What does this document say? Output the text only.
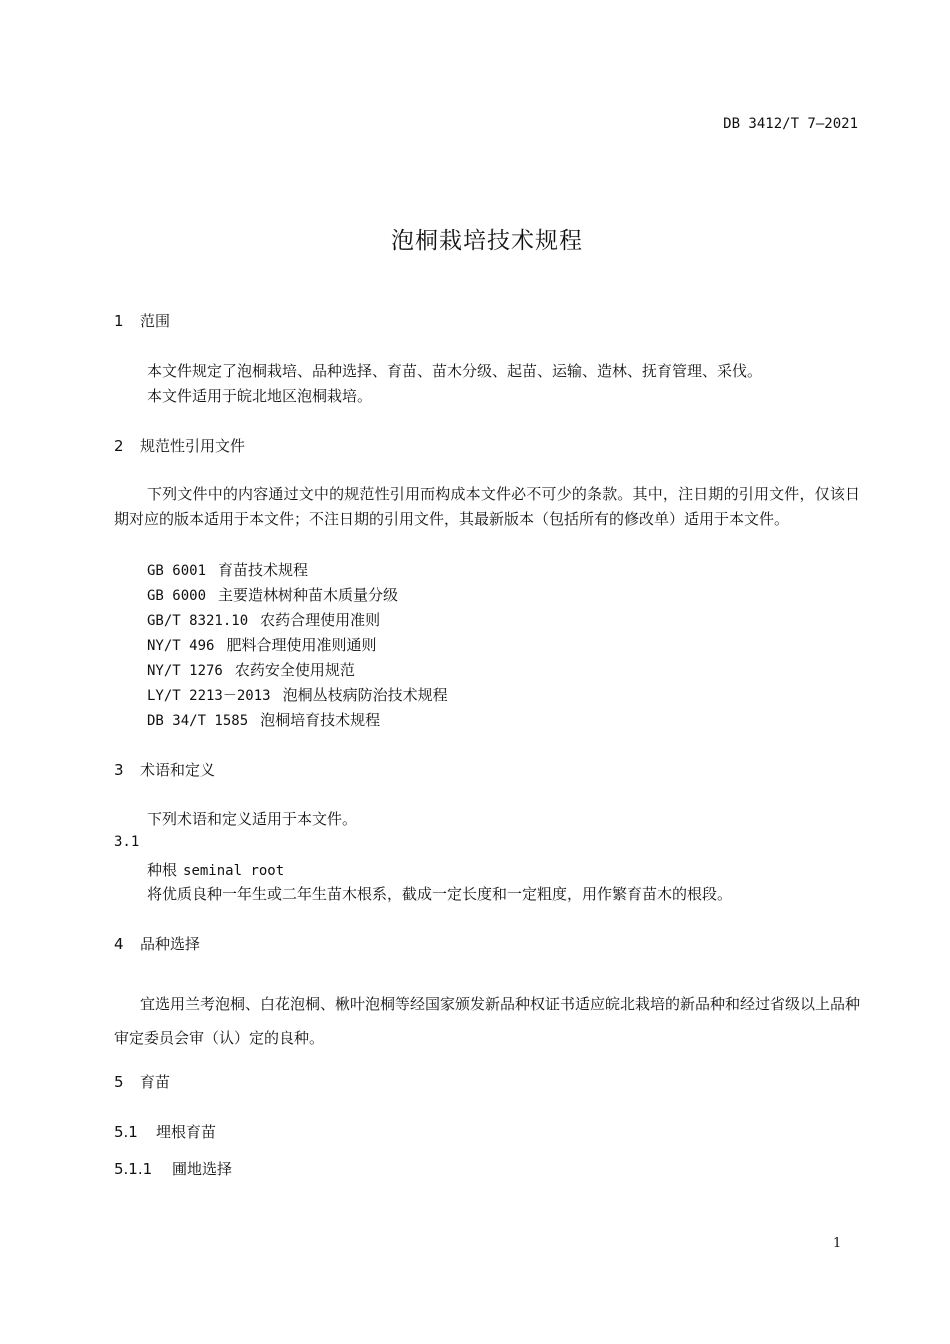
DB 3412/T 7—2021
泡桐栽培技术规程
1 范围
本文件规定了泡桐栽培、品种选择、育苗、苗木分级、起苗、运输、造林、抚育管理、采伐。
本文件适用于皖北地区泡桐栽培。
2 规范性引用文件
下列文件中的内容通过文中的规范性引用而构成本文件必不可少的条款。其中，注日期的引用文件，仅该日期对应的版本适用于本文件；不注日期的引用文件，其最新版本（包括所有的修改单）适用于本文件。
GB 6001 育苗技术规程
GB 6000 主要造林树种苗木质量分级
GB/T 8321.10 农药合理使用准则
NY/T 496 肥料合理使用准则通则
NY/T 1276 农药安全使用规范
LY/T 2213－2013 泡桐丛枝病防治技术规程
DB 34/T 1585 泡桐培育技术规程
3 术语和定义
下列术语和定义适用于本文件。
3.1
种根 seminal root
将优质良种一年生或二年生苗木根系，截成一定长度和一定粗度，用作繁育苗木的根段。
4 品种选择
宜选用兰考泡桐、白花泡桐、楸叶泡桐等经国家颁发新品种权证书适应皖北栽培的新品种和经过省级以上品种审定委员会审（认）定的良种。
5 育苗
5.1 埋根育苗
5.1.1 圃地选择
1
